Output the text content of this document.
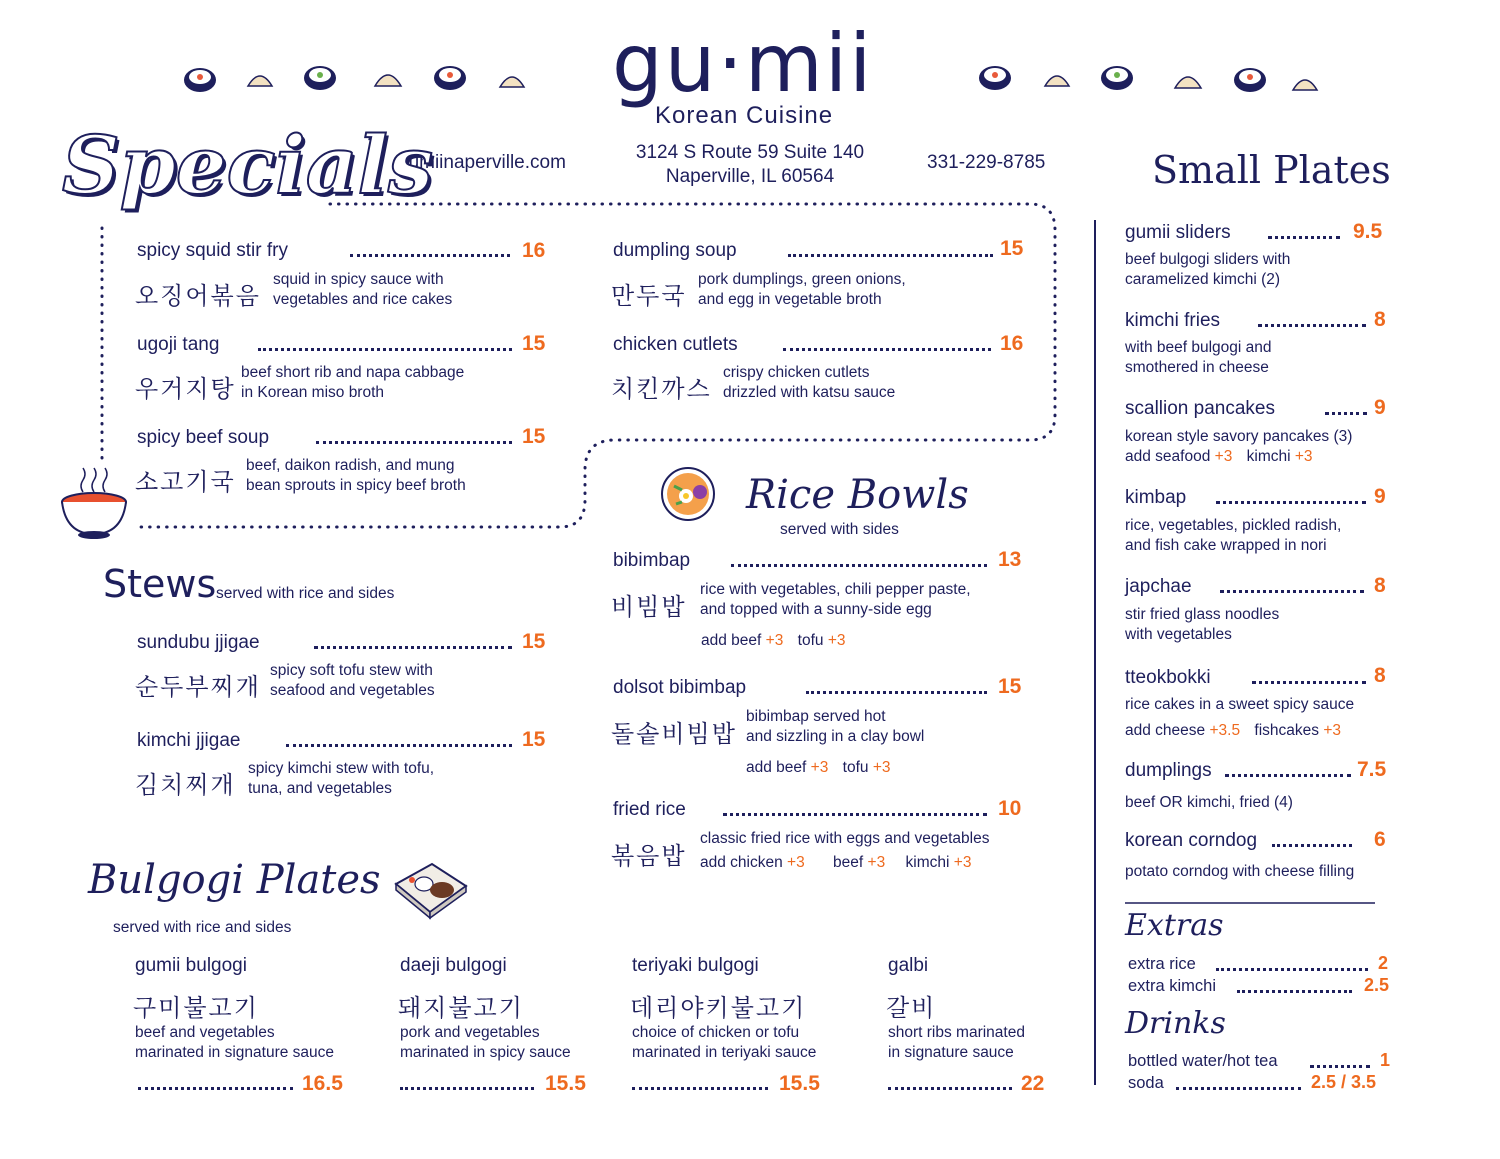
gu·mii
Korean Cuisine
gumiinaperville.com	3124 S Route 59 Suite 140
Naperville, IL 60564
331-229-8785
Specials
spicy squid stir fry	16
오징어볶음
squid in spicy sauce with
vegetables and rice cakes
ugoji tang	15
우거지탕
beef short rib and napa cabbage
in Korean miso broth
spicy beef soup	15
소고기국
beef, daikon radish, and mung
bean sprouts in spicy beef broth
dumpling soup	15
만두국
pork dumplings, green onions,
and egg in vegetable broth
chicken cutlets	16
치킨까스
crispy chicken cutlets
drizzled with katsu sauce
Stews served with rice and sides
sundubu jjigae	15
순두부찌개
spicy soft tofu stew with
seafood and vegetables
kimchi jjigae	15
김치찌개
spicy kimchi stew with tofu,
tuna, and vegetables
Rice Bowls
served with sides
bibimbap	13
비빔밥
rice with vegetables, chili pepper paste,
and topped with a sunny-side egg
add beef +3 tofu +3
dolsot bibimbap	15
돌솥비빔밥
bibimbap served hot
and sizzling in a clay bowl
add beef +3 tofu +3
fried rice	10
볶음밥
classic fried rice with eggs and vegetables
add chicken +3 beef +3 kimchi +3
Bulgogi Plates
served with rice and sides
gumii bulgogi
구미불고기
beef and vegetables
marinated in signature sauce
16.5
daeji bulgogi
돼지불고기
pork and vegetables
marinated in spicy sauce
15.5
teriyaki bulgogi
데리야키불고기
choice of chicken or tofu
marinated in teriyaki sauce
15.5
galbi
갈비
short ribs marinated
in signature sauce
22
Small Plates
gumii sliders	9.5
beef bulgogi sliders with
caramelized kimchi (2)
kimchi fries	8
with beef bulgogi and
smothered in cheese
scallion pancakes	9
korean style savory pancakes (3)
add seafood +3 kimchi +3
kimbap	9
rice, vegetables, pickled radish,
and fish cake wrapped in nori
japchae	8
stir fried glass noodles
with vegetables
tteokbokki	8
rice cakes in a sweet spicy sauce
add cheese +3.5 fishcakes +3
dumplings	7.5
beef OR kimchi, fried (4)
korean corndog	6
potato corndog with cheese filling
Extras
extra rice	2
extra kimchi	2.5
Drinks
bottled water/hot tea	1
soda	2.5 / 3.5
